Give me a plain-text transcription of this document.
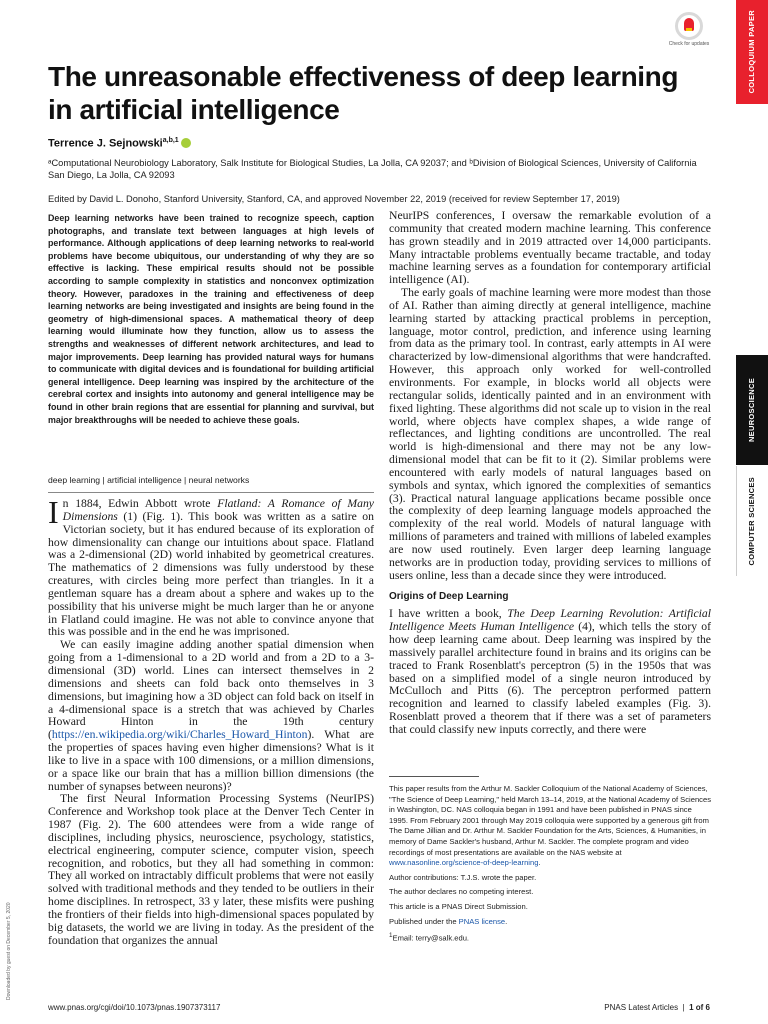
COLLOQUIUM PAPER
NEUROSCIENCE
COMPUTER SCIENCES
Check for updates
The unreasonable effectiveness of deep learning in artificial intelligence
Terrence J. Sejnowski$^{a,b,1}$
ᵃComputational Neurobiology Laboratory, Salk Institute for Biological Studies, La Jolla, CA 92037; and ᵇDivision of Biological Sciences, University of California San Diego, La Jolla, CA 92093
Edited by David L. Donoho, Stanford University, Stanford, CA, and approved November 22, 2019 (received for review September 17, 2019)
Deep learning networks have been trained to recognize speech, caption photographs, and translate text between languages at high levels of performance. Although applications of deep learning networks to real-world problems have become ubiquitous, our understanding of why they are so effective is lacking. These empirical results should not be possible according to sample complexity in statistics and nonconvex optimization theory. However, paradoxes in the training and effectiveness of deep learning networks are being investigated and insights are being found in the geometry of high-dimensional spaces. A mathematical theory of deep learning would illuminate how they function, allow us to assess the strengths and weaknesses of different network architectures, and lead to major improvements. Deep learning has provided natural ways for humans to communicate with digital devices and is foundational for building artificial general intelligence. Deep learning was inspired by the architecture of the cerebral cortex and insights into autonomy and general intelligence may be found in other brain regions that are essential for planning and survival, but major breakthroughs will be needed to achieve these goals.
deep learning | artificial intelligence | neural networks

In 1884, Edwin Abbott wrote Flatland: A Romance of Many Dimensions (1) (Fig. 1). This book was written as a satire on Victorian society, but it has endured because of its exploration of how dimensionality can change our intuitions about space. Flatland was a 2-dimensional (2D) world inhabited by geometrical creatures. The mathematics of 2 dimensions was fully understood by these creatures, with circles being more perfect than triangles. In it a gentleman square has a dream about a sphere and wakes up to the possibility that his universe might be much larger than he or anyone in Flatland could imagine. He was not able to convince anyone that this was possible and in the end he was imprisoned.

We can easily imagine adding another spatial dimension when going from a 1-dimensional to a 2D world and from a 2D to a 3-dimensional (3D) world. Lines can intersect themselves in 2 dimensions and sheets can fold back onto themselves in 3 dimensions, but imagining how a 3D object can fold back on itself in a 4-dimensional space is a stretch that was achieved by Charles Howard Hinton in the 19th century (https://en.wikipedia.org/wiki/Charles_Howard_Hinton). What are the properties of spaces having even higher dimensions? What is it like to live in a space with 100 dimensions, or a million dimensions, or a space like our brain that has a million billion dimensions (the number of synapses between neurons)?

The first Neural Information Processing Systems (NeurIPS) Conference and Workshop took place at the Denver Tech Center in 1987 (Fig. 2). The 600 attendees were from a wide range of disciplines, including physics, neuroscience, psychology, statistics, electrical engineering, computer science, computer vision, speech recognition, and robotics, but they all had something in common: They all worked on intractably difficult problems that were not easily solved with traditional methods and they tended to be outliers in their home disciplines. In retrospect, 33 y later, these misfits were pushing the frontiers of their fields into high-dimensional spaces populated by big datasets, the world we are living in today. As the president of the foundation that organizes the annual

NeurIPS conferences, I oversaw the remarkable evolution of a community that created modern machine learning. This conference has grown steadily and in 2019 attracted over 14,000 participants. Many intractable problems eventually became tractable, and today machine learning serves as a foundation for contemporary artificial intelligence (AI).

The early goals of machine learning were more modest than those of AI. Rather than aiming directly at general intelligence, machine learning started by attacking practical problems in perception, language, motor control, prediction, and inference using learning from data as the primary tool. In contrast, early attempts in AI were characterized by low-dimensional algorithms that were handcrafted. However, this approach only worked for well-controlled environments. For example, in blocks world all objects were rectangular solids, identically painted and in an environment with fixed lighting. These algorithms did not scale up to vision in the real world, where objects have complex shapes, a wide range of reflectances, and lighting conditions are uncontrolled. The real world is high-dimensional and there may not be any low-dimensional model that can be fit to it (2). Similar problems were encountered with early models of natural languages based on symbols and syntax, which ignored the complexities of semantics (3). Practical natural language applications became possible once the complexity of deep learning language models approached the complexity of the real world. Models of natural language with millions of parameters and trained with millions of labeled examples are now used routinely. Even larger deep learning language networks are in production today, providing services to millions of users online, less than a decade since they were introduced.

Origins of Deep Learning

I have written a book, The Deep Learning Revolution: Artificial Intelligence Meets Human Intelligence (4), which tells the story of how deep learning came about. Deep learning was inspired by the massively parallel architecture found in brains and its origins can be traced to Frank Rosenblatt's perceptron (5) in the 1950s that was based on a simplified model of a single neuron introduced by McCulloch and Pitts (6). The perceptron performed pattern recognition and learned to classify labeled examples (Fig. 3). Rosenblatt proved a theorem that if there was a set of parameters that could classify new inputs correctly, and there were

This paper results from the Arthur M. Sackler Colloquium of the National Academy of Sciences, "The Science of Deep Learning," held March 13–14, 2019, at the National Academy of Sciences in Washington, DC. NAS colloquia began in 1991 and have been published in PNAS since 1995. From February 2001 through May 2019 colloquia were supported by a generous gift from The Dame Jillian and Dr. Arthur M. Sackler Foundation for the Arts, Sciences, & Humanities, in memory of Dame Sackler's husband, Arthur M. Sackler. The complete program and video recordings of most presentations are available on the NAS website at www.nasonline.org/science-of-deep-learning.

Author contributions: T.J.S. wrote the paper.

The author declares no competing interest.

This article is a PNAS Direct Submission.

Published under the PNAS license.

$^1$Email: terry@salk.edu.

www.pnas.org/cgi/doi/10.1073/pnas.1907373117	PNAS Latest Articles | 1 of 6
Downloaded by guest on December 5, 2020
